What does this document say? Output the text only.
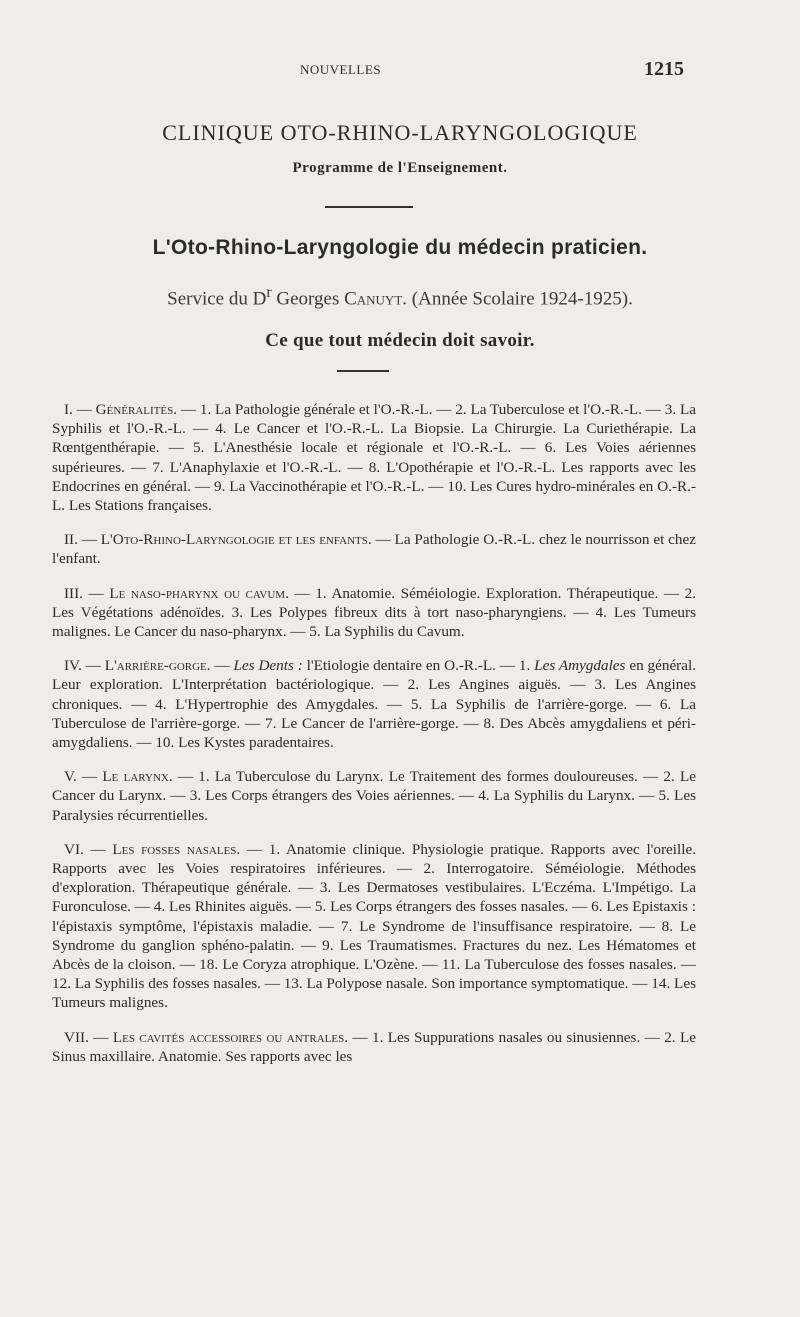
NOUVELLES	1215
CLINIQUE OTO-RHINO-LARYNGOLOGIQUE
Programme de l'Enseignement.
L'Oto-Rhino-Laryngologie du médecin praticien.
Service du $D^r$ Georges Canuyt. (Année Scolaire 1924-1925).
Ce que tout médecin doit savoir.

I. — Généralités. — 1. La Pathologie générale et l'O.-R.-L. — 2. La Tuberculose et l'O.-R.-L. — 3. La Syphilis et l'O.-R.-L. — 4. Le Cancer et l'O.-R.-L. La Biopsie. La Chirurgie. La Curiethérapie. La Rœntgenthérapie. — 5. L'Anesthésie locale et régionale et l'O.-R.-L. — 6. Les Voies aériennes supérieures. — 7. L'Anaphylaxie et l'O.-R.-L. — 8. L'Opothérapie et l'O.-R.-L. Les rapports avec les Endocrines en général. — 9. La Vaccinothérapie et l'O.-R.-L. — 10. Les Cures hydro-minérales en O.-R.-L. Les Stations françaises.

II. — L'Oto-Rhino-Laryngologie et les enfants. — La Pathologie O.-R.-L. chez le nourrisson et chez l'enfant.

III. — Le naso-pharynx ou cavum. — 1. Anatomie. Séméiologie. Exploration. Thérapeutique. — 2. Les Végétations adénoïdes. 3. Les Polypes fibreux dits à tort naso-pharyngiens. — 4. Les Tumeurs malignes. Le Cancer du naso-pharynx. — 5. La Syphilis du Cavum.

IV. — L'arrière-gorge. — Les Dents : l'Etiologie dentaire en O.-R.-L. — 1. Les Amygdales en général. Leur exploration. L'Interprétation bactériologique. — 2. Les Angines aiguës. — 3. Les Angines chroniques. — 4. L'Hypertrophie des Amygdales. — 5. La Syphilis de l'arrière-gorge. — 6. La Tuberculose de l'arrière-gorge. — 7. Le Cancer de l'arrière-gorge. — 8. Des Abcès amygdaliens et péri-amygdaliens. — 10. Les Kystes paradentaires.

V. — Le larynx. — 1. La Tuberculose du Larynx. Le Traitement des formes douloureuses. — 2. Le Cancer du Larynx. — 3. Les Corps étrangers des Voies aériennes. — 4. La Syphilis du Larynx. — 5. Les Paralysies récurrentielles.

VI. — Les fosses nasales. — 1. Anatomie clinique. Physiologie pratique. Rapports avec l'oreille. Rapports avec les Voies respiratoires inférieures. — 2. Interrogatoire. Séméiologie. Méthodes d'exploration. Thérapeutique générale. — 3. Les Dermatoses vestibulaires. L'Eczéma. L'Impétigo. La Furonculose. — 4. Les Rhinites aiguës. — 5. Les Corps étrangers des fosses nasales. — 6. Les Epistaxis : l'épistaxis symptôme, l'épistaxis maladie. — 7. Le Syndrome de l'insuffisance respiratoire. — 8. Le Syndrome du ganglion sphéno-palatin. — 9. Les Traumatismes. Fractures du nez. Les Hématomes et Abcès de la cloison. — 18. Le Coryza atrophique. L'Ozène. — 11. La Tuberculose des fosses nasales. — 12. La Syphilis des fosses nasales. — 13. La Polypose nasale. Son importance symptomatique. — 14. Les Tumeurs malignes.

VII. — Les cavités accessoires ou antrales. — 1. Les Suppurations nasales ou sinusiennes. — 2. Le Sinus maxillaire. Anatomie. Ses rapports avec les
